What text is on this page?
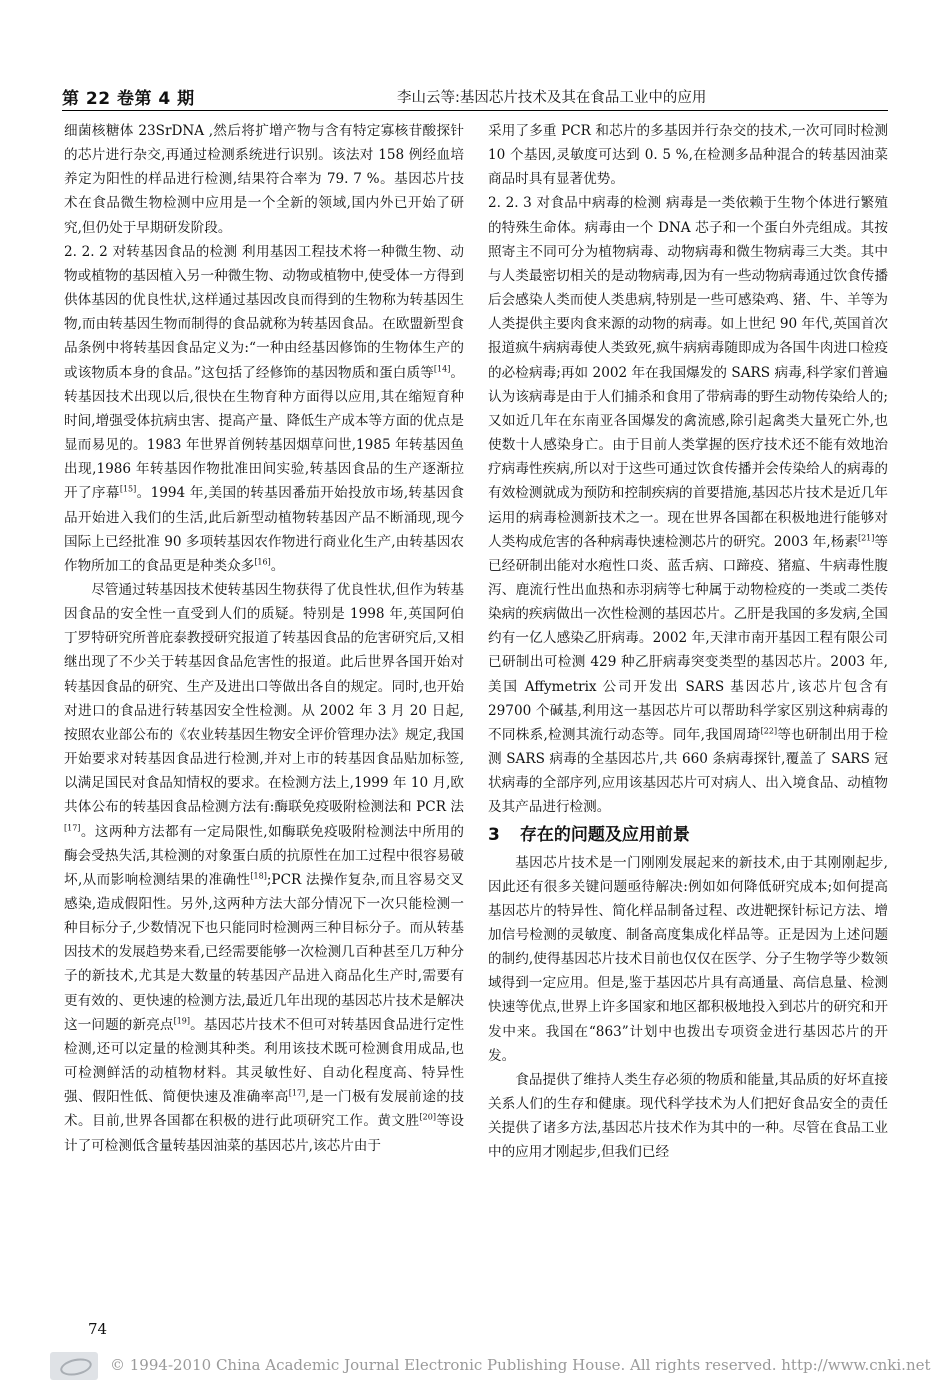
第 22 卷第 4 期	李山云等:基因芯片技术及其在食品工业中的应用

细菌核糖体 23SrDNA ,然后将扩增产物与含有特定寡核苷酸探针的芯片进行杂交,再通过检测系统进行识别。该法对 158 例经血培养定为阳性的样品进行检测,结果符合率为 79. 7 %。基因芯片技术在食品微生物检测中应用是一个全新的领域,国内外已开始了研究,但仍处于早期研发阶段。

2. 2. 2 对转基因食品的检测 利用基因工程技术将一种微生物、动物或植物的基因植入另一种微生物、动物或植物中,使受体一方得到供体基因的优良性状,这样通过基因改良而得到的生物称为转基因生物,而由转基因生物而制得的食品就称为转基因食品。在欧盟新型食品条例中将转基因食品定义为:“一种由经基因修饰的生物体生产的或该物质本身的食品。”这包括了经修饰的基因物质和蛋白质等[14]。转基因技术出现以后,很快在生物育种方面得以应用,其在缩短育种时间,增强受体抗病虫害、提高产量、降低生产成本等方面的优点是显而易见的。1983 年世界首例转基因烟草问世,1985 年转基因鱼出现,1986 年转基因作物批准田间实验,转基因食品的生产逐渐拉开了序幕[15]。1994 年,美国的转基因番茄开始投放市场,转基因食品开始进入我们的生活,此后新型动植物转基因产品不断涌现,现今国际上已经批准 90 多项转基因农作物进行商业化生产,由转基因农作物所加工的食品更是种类众多[16]。

尽管通过转基因技术使转基因生物获得了优良性状,但作为转基因食品的安全性一直受到人们的质疑。特别是 1998 年,英国阿伯丁罗特研究所普庇泰教授研究报道了转基因食品的危害研究后,又相继出现了不少关于转基因食品危害性的报道。此后世界各国开始对转基因食品的研究、生产及进出口等做出各自的规定。同时,也开始对进口的食品进行转基因安全性检测。从 2002 年 3 月 20 日起,按照农业部公布的《农业转基因生物安全评价管理办法》规定,我国开始要求对转基因食品进行检测,并对上市的转基因食品贴加标签,以满足国民对食品知情权的要求。在检测方法上,1999 年 10 月,欧共体公布的转基因食品检测方法有:酶联免疫吸附检测法和 PCR 法[17]。这两种方法都有一定局限性,如酶联免疫吸附检测法中所用的酶会受热失活,其检测的对象蛋白质的抗原性在加工过程中很容易破坏,从而影响检测结果的准确性[18];PCR 法操作复杂,而且容易交叉感染,造成假阳性。另外,这两种方法大部分情况下一次只能检测一种目标分子,少数情况下也只能同时检测两三种目标分子。而从转基因技术的发展趋势来看,已经需要能够一次检测几百种甚至几万种分子的新技术,尤其是大数量的转基因产品进入商品化生产时,需要有更有效的、更快速的检测方法,最近几年出现的基因芯片技术是解决这一问题的新亮点[19]。基因芯片技术不但可对转基因食品进行定性检测,还可以定量的检测其种类。利用该技术既可检测食用成品,也可检测鲜活的动植物材料。其灵敏性好、自动化程度高、特异性强、假阳性低、简便快速及准确率高[17],是一门极有发展前途的技术。目前,世界各国都在积极的进行此项研究工作。黄文胜[20]等设计了可检测低含量转基因油菜的基因芯片,该芯片由于

采用了多重 PCR 和芯片的多基因并行杂交的技术,一次可同时检测 10 个基因,灵敏度可达到 0. 5 %,在检测多品种混合的转基因油菜商品时具有显著优势。

2. 2. 3 对食品中病毒的检测 病毒是一类依赖于生物个体进行繁殖的特殊生命体。病毒由一个 DNA 芯子和一个蛋白外壳组成。其按照寄主不同可分为植物病毒、动物病毒和微生物病毒三大类。其中与人类最密切相关的是动物病毒,因为有一些动物病毒通过饮食传播后会感染人类而使人类患病,特别是一些可感染鸡、猪、牛、羊等为人类提供主要肉食来源的动物的病毒。如上世纪 90 年代,英国首次报道疯牛病病毒使人类致死,疯牛病病毒随即成为各国牛肉进口检疫的必检病毒;再如 2002 年在我国爆发的 SARS 病毒,科学家们普遍认为该病毒是由于人们捕杀和食用了带病毒的野生动物传染给人的;又如近几年在东南亚各国爆发的禽流感,除引起禽类大量死亡外,也使数十人感染身亡。由于目前人类掌握的医疗技术还不能有效地治疗病毒性疾病,所以对于这些可通过饮食传播并会传染给人的病毒的有效检测就成为预防和控制疾病的首要措施,基因芯片技术是近几年运用的病毒检测新技术之一。现在世界各国都在积极地进行能够对人类构成危害的各种病毒快速检测芯片的研究。2003 年,杨素[21]等已经研制出能对水疱性口炎、蓝舌病、口蹄疫、猪瘟、牛病毒性腹泻、鹿流行性出血热和赤羽病等七种属于动物检疫的一类或二类传染病的疾病做出一次性检测的基因芯片。乙肝是我国的多发病,全国约有一亿人感染乙肝病毒。2002 年,天津市南开基因工程有限公司已研制出可检测 429 种乙肝病毒突变类型的基因芯片。2003 年,美国 Affymetrix 公司开发出 SARS 基因芯片,该芯片包含有 29700 个碱基,利用这一基因芯片可以帮助科学家区别这种病毒的不同株系,检测其流行动态等。同年,我国周琦[22]等也研制出用于检测 SARS 病毒的全基因芯片,共 660 条病毒探针,覆盖了 SARS 冠状病毒的全部序列,应用该基因芯片可对病人、出入境食品、动植物及其产品进行检测。

3 存在的问题及应用前景

基因芯片技术是一门刚刚发展起来的新技术,由于其刚刚起步,因此还有很多关键问题亟待解决:例如如何降低研究成本;如何提高基因芯片的特异性、简化样品制备过程、改进靶探针标记方法、增加信号检测的灵敏度、制备高度集成化样品等。正是因为上述问题的制约,使得基因芯片技术目前也仅仅在医学、分子生物学等少数领域得到一定应用。但是,鉴于基因芯片具有高通量、高信息量、检测快速等优点,世界上许多国家和地区都积极地投入到芯片的研究和开发中来。我国在“863”计划中也拨出专项资金进行基因芯片的开发。

食品提供了维持人类生存必须的物质和能量,其品质的好坏直接关系人们的生存和健康。现代科学技术为人们把好食品安全的责任关提供了诸多方法,基因芯片技术作为其中的一种。尽管在食品工业中的应用才刚起步,但我们已经

74
© 1994-2010 China Academic Journal Electronic Publishing House. All rights reserved. http://www.cnki.net
